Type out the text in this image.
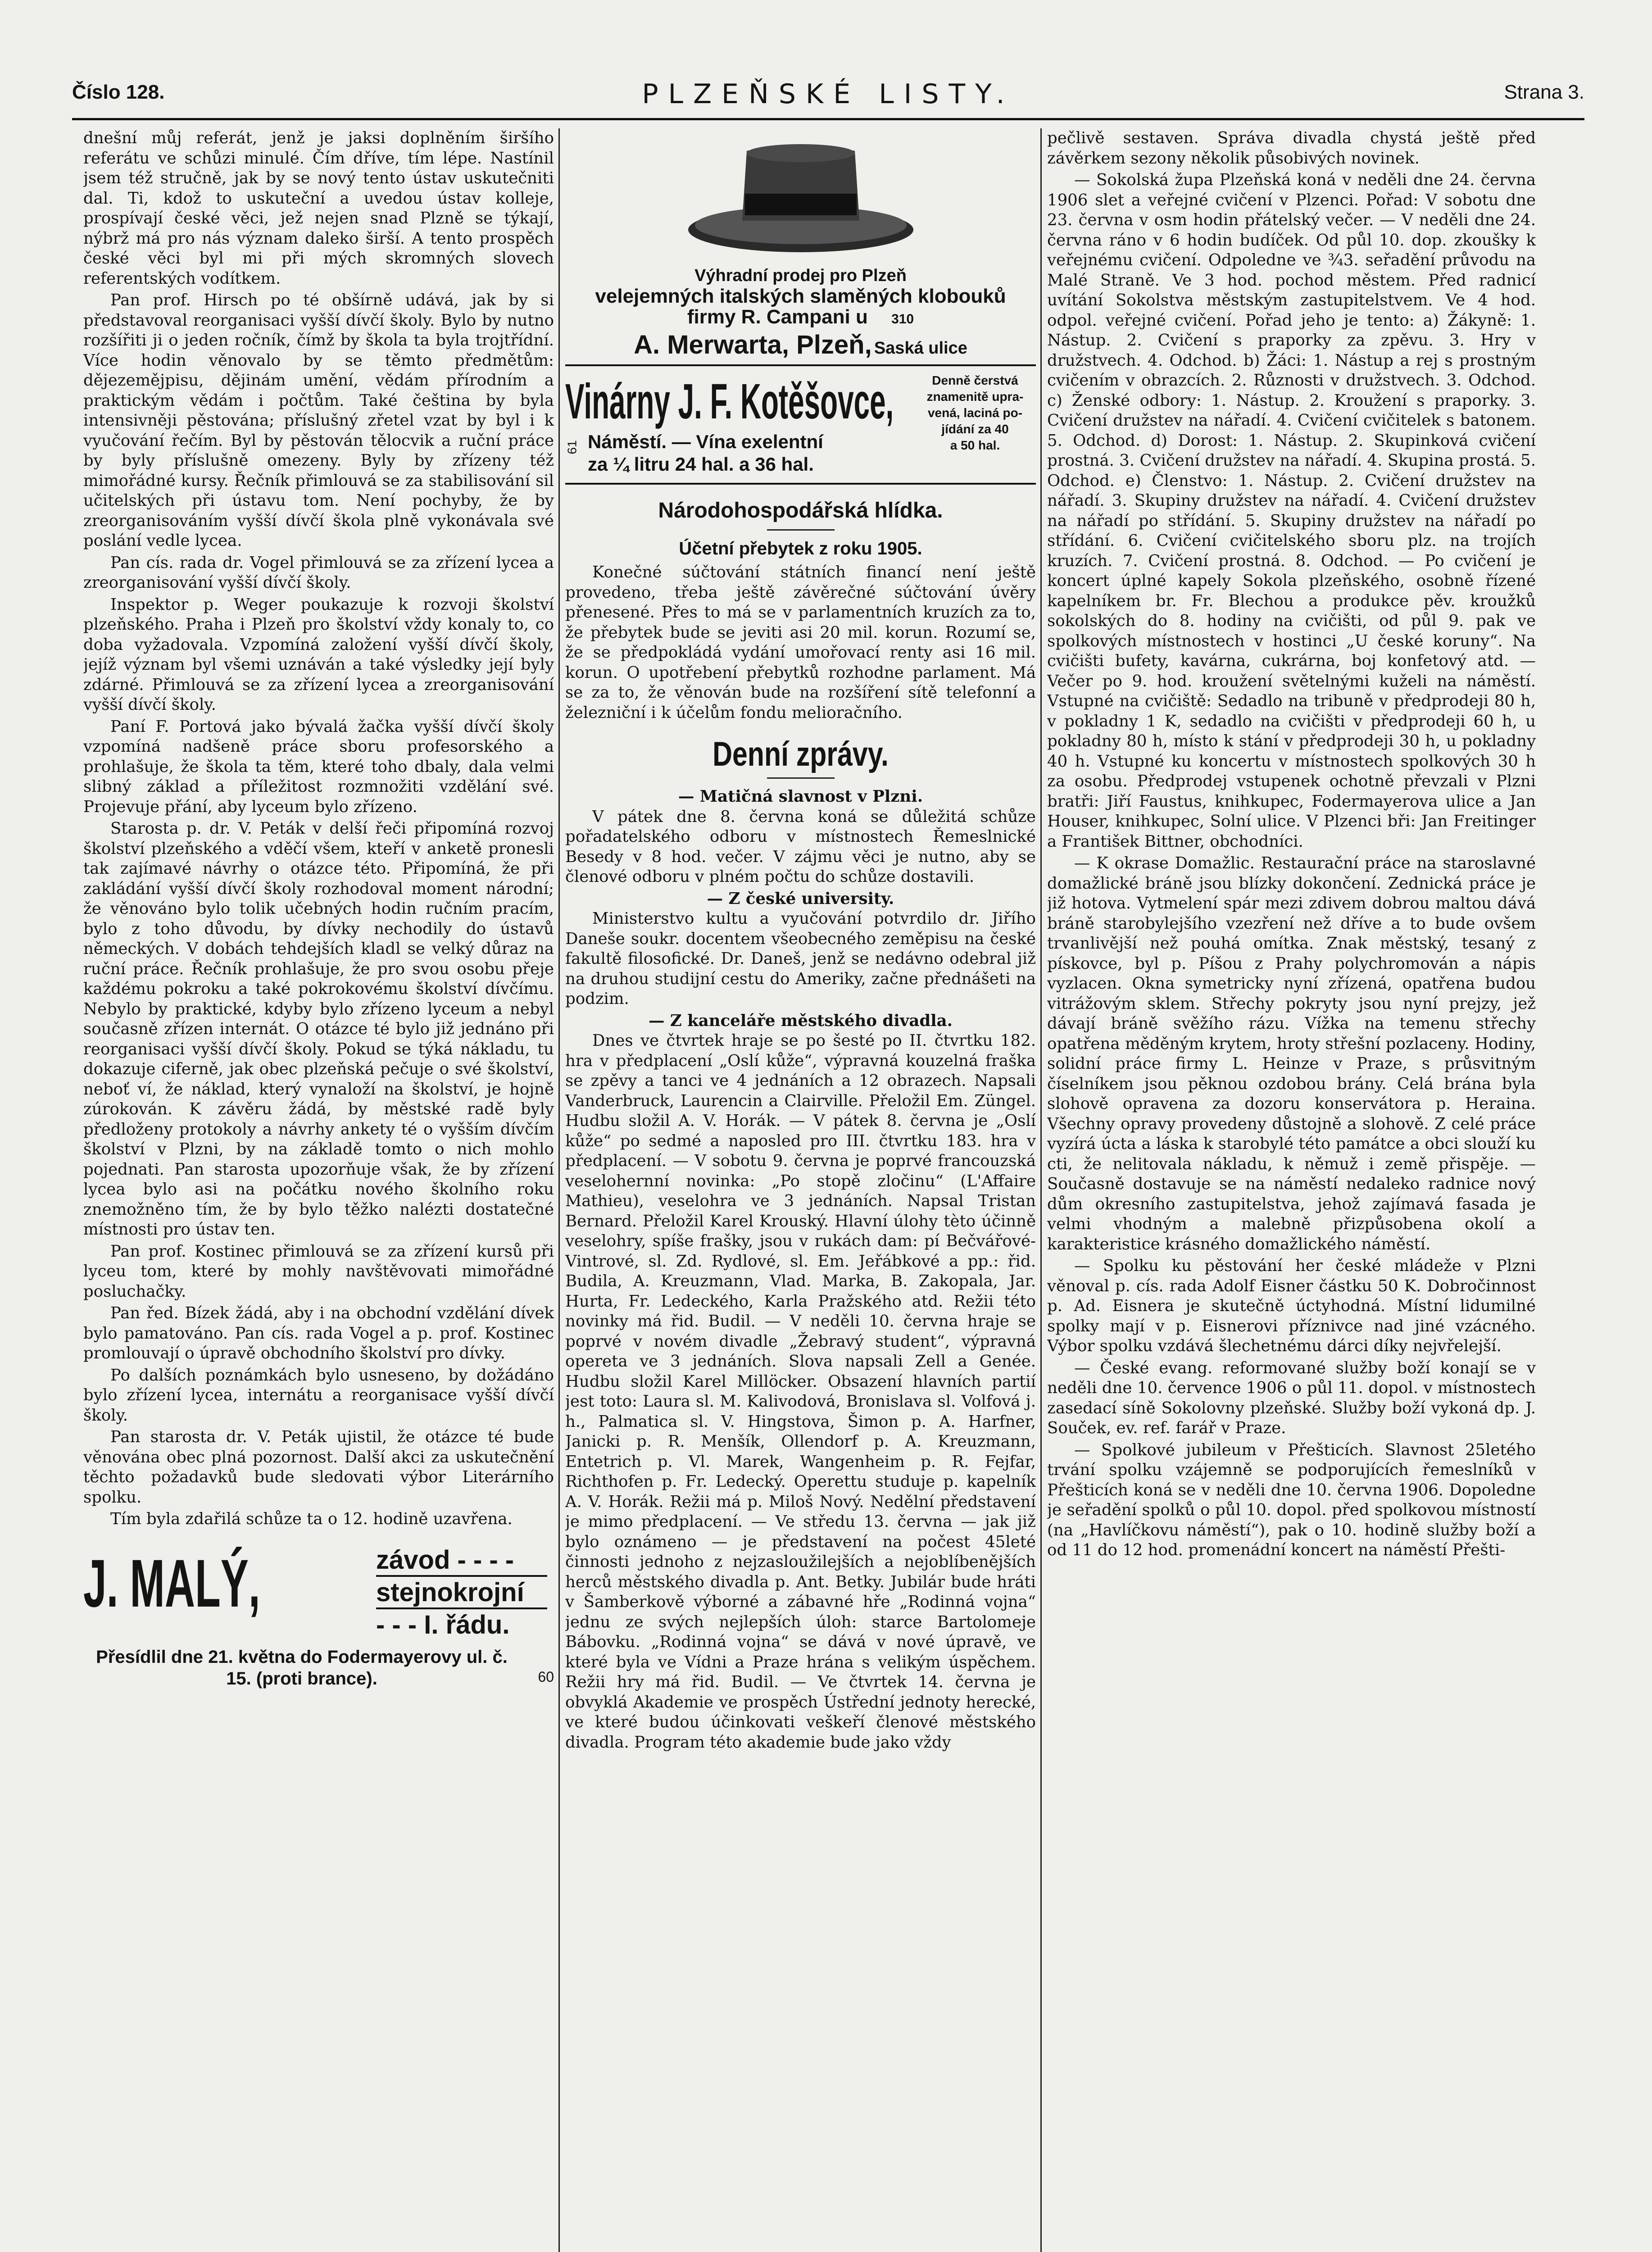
Číslo 128.	PLZEŇSKÉ LISTY.	Strana 3.

dnešní můj referát, jenž je jaksi doplněním širšího referátu ve schůzi minulé. Čím dříve, tím lépe. Nastínil jsem též stručně, jak by se nový tento ústav uskutečniti dal. Ti, kdož to uskuteční a uvedou ústav kolleje, prospívají české věci, jež nejen snad Plzně se týkají, nýbrž má pro nás význam daleko širší. A tento prospěch české věci byl mi při mých skromných slovech referentských vodítkem.

Pan prof. Hirsch po té obšírně udává, jak by si představoval reorganisaci vyšší dívčí školy. Bylo by nutno rozšířiti ji o jeden ročník, čímž by škola ta byla trojtřídní. Více hodin věnovalo by se těmto předmětům: dějezemějpisu, dějinám umění, vědám přírodním a praktickým vědám i počtům. Také čeština by byla intensivněji pěstována; příslušný zřetel vzat by byl i k vyučování řečím. Byl by pěstován tělocvik a ruční práce by byly příslušně omezeny. Byly by zřízeny též mimořádné kursy. Řečník přimlouvá se za stabilisování sil učitelských při ústavu tom. Není pochyby, že by zreorganisováním vyšší dívčí škola plně vykonávala své poslání vedle lycea.

Pan cís. rada dr. Vogel přimlouvá se za zřízení lycea a zreorganisování vyšší dívčí školy.

Inspektor p. Weger poukazuje k rozvoji školství plzeňského. Praha i Plzeň pro školství vždy konaly to, co doba vyžadovala. Vzpomíná založení vyšší dívčí školy, jejíž význam byl všemi uznáván a také výsledky její byly zdárné. Přimlouvá se za zřízení lycea a zreorganisování vyšší dívčí školy.

Paní F. Portová jako bývalá žačka vyšší dívčí školy vzpomíná nadšeně práce sboru profesorského a prohlašuje, že škola ta těm, které toho dbaly, dala velmi slibný základ a příležitost rozmnožiti vzdělání své. Projevuje přání, aby lyceum bylo zřízeno.

Starosta p. dr. V. Peták v delší řeči připomíná rozvoj školství plzeňského a vděčí všem, kteří v anketě pronesli tak zajímavé návrhy o otázce této. Připomíná, že při zakládání vyšší dívčí školy rozhodoval moment národní; že věnováno bylo tolik učebných hodin ručním pracím, bylo z toho důvodu, by dívky nechodily do ústavů německých. V dobách tehdejších kladl se velký důraz na ruční práce. Řečník prohlašuje, že pro svou osobu přeje každému pokroku a také pokrokovému školství dívčímu. Nebylo by praktické, kdyby bylo zřízeno lyceum a nebyl současně zřízen internát. O otázce té bylo již jednáno při reorganisaci vyšší dívčí školy. Pokud se týká nákladu, tu dokazuje ciferně, jak obec plzeňská pečuje o své školství, neboť ví, že náklad, který vynaloží na školství, je hojně zúrokován. K závěru žádá, by městské radě byly předloženy protokoly a návrhy ankety té o vyšším dívčím školství v Plzni, by na základě tomto o nich mohlo pojednati. Pan starosta upozorňuje však, že by zřízení lycea bylo asi na počátku nového školního roku znemožněno tím, že by bylo těžko nalézti dostatečné místnosti pro ústav ten.

Pan prof. Kostinec přimlouvá se za zřízení kursů při lyceu tom, které by mohly navštěvovati mimořádné posluchačky.

Pan řed. Bízek žádá, aby i na obchodní vzdělání dívek bylo pamatováno. Pan cís. rada Vogel a p. prof. Kostinec promlouvají o úpravě obchodního školství pro dívky.

Po dalších poznámkách bylo usneseno, by dožádáno bylo zřízení lycea, internátu a reorganisace vyšší dívčí školy.

Pan starosta dr. V. Peták ujistil, že otázce té bude věnována obec plná pozornost. Další akci za uskutečnění těchto požadavků bude sledovati výbor Literárního spolku.

Tím byla zdařilá schůze ta o 12. hodině uzavřena.

J. MALÝ,	závod - - - -
stejnokrojní
- - - I. řádu.
Přesídlil dne 21. května do Fodermayerovy ul. č. 15. (proti brance).	60
Výhradní prodej pro Plzeň
velejemných italských slaměných klobouků
firmy R. Campani u 310
A. Merwarta, Plzeň, Saská ulice
Vinárny J. F. Kotěšovce,	Denně čerstvá
znamenitě upra-
vená, laciná po-
jídání za 40
a 50 hal.
61 Náměstí. — Vína exelentní
za ¼ litru 24 hal. a 36 hal.
Národohospodářská hlídka.
Účetní přebytek z roku 1905.

Konečné súčtování státních financí není ještě provedeno, třeba ještě závěrečné súčtování úvěry přenesené. Přes to má se v parlamentních kruzích za to, že přebytek bude se jeviti asi 20 mil. korun. Rozumí se, že se předpokládá vydání umořovací renty asi 16 mil. korun. O upotřebení přebytků rozhodne parlament. Má se za to, že věnován bude na rozšíření sítě telefonní a železniční i k účelům fondu melioračního.

Denní zprávy.

— Matičná slavnost v Plzni.

V pátek dne 8. června koná se důležitá schůze pořadatelského odboru v místnostech Řemeslnické Besedy v 8 hod. večer. V zájmu věci je nutno, aby se členové odboru v plném počtu do schůze dostavili.

— Z české university.

Ministerstvo kultu a vyučování potvrdilo dr. Jiřího Daneše soukr. docentem všeobecného zeměpisu na české fakultě filosofické. Dr. Daneš, jenž se nedávno odebral již na druhou studijní cestu do Ameriky, začne přednášeti na podzim.

— Z kanceláře městského divadla.

Dnes ve čtvrtek hraje se po šesté po II. čtvrtku 182. hra v předplacení „Oslí kůže“, výpravná kouzelná fraška se zpěvy a tanci ve 4 jednáních a 12 obrazech. Napsali Vanderbruck, Laurencin a Clairville. Přeložil Em. Züngel. Hudbu složil A. V. Horák. — V pátek 8. června je „Oslí kůže“ po sedmé a naposled pro III. čtvrtku 183. hra v předplacení. — V sobotu 9. června je poprvé francouzská veselohernní novinka: „Po stopě zločinu“ (L'Affaire Mathieu), veselohra ve 3 jednáních. Napsal Tristan Bernard. Přeložil Karel Krouský. Hlavní úlohy tèto účinně veselohry, spíše frašky, jsou v rukách dam: pí Bečvářové-Vintrové, sl. Zd. Rydlové, sl. Em. Jeřábkové a pp.: řid. Budila, A. Kreuzmann, Vlad. Marka, B. Zakopala, Jar. Hurta, Fr. Ledeckého, Karla Pražského atd. Režii této novinky má řid. Budil. — V neděli 10. června hraje se poprvé v novém divadle „Žebravý student“, výpravná opereta ve 3 jednáních. Slova napsali Zell a Genée. Hudbu složil Karel Millöcker. Obsazení hlavních partií jest toto: Laura sl. M. Kalivodová, Bronislava sl. Volfová j. h., Palmatica sl. V. Hingstova, Šimon p. A. Harfner, Janicki p. R. Menšík, Ollendorf p. A. Kreuzmann, Entetrich p. Vl. Marek, Wangenheim p. R. Fejfar, Richthofen p. Fr. Ledecký. Operettu studuje p. kapelník A. V. Horák. Režii má p. Miloš Nový. Nedělní představení je mimo předplacení. — Ve středu 13. června — jak již bylo oznámeno — je představení na počest 45leté činnosti jednoho z nejzasloužilejších a nejoblíbenějších herců městského divadla p. Ant. Betky. Jubilár bude hráti v Šamberkově výborné a zábavné hře „Rodinná vojna“ jednu ze svých nejlepších úloh: starce Bartolomeje Bábovku. „Rodinná vojna“ se dává v nové úpravě, ve které byla ve Vídni a Praze hrána s velikým úspěchem. Režii hry má řid. Budil. — Ve čtvrtek 14. června je obvyklá Akademie ve prospěch Ústřední jednoty herecké, ve které budou účinkovati veškeří členové městského divadla. Program této akademie bude jako vždy

pečlivě sestaven. Správa divadla chystá ještě před závěrkem sezony několik působivých novinek.

— Sokolská župa Plzeňská koná v neděli dne 24. června 1906 slet a veřejné cvičení v Plzenci. Pořad: V sobotu dne 23. června v osm hodin přátelský večer. — V neděli dne 24. června ráno v 6 hodin budíček. Od půl 10. dop. zkoušky k veřejnému cvičení. Odpoledne ve ¾3. seřadění průvodu na Malé Straně. Ve 3 hod. pochod městem. Před radnicí uvítání Sokolstva městským zastupitelstvem. Ve 4 hod. odpol. veřejné cvičení. Pořad jeho je tento: a) Žákyně: 1. Nástup. 2. Cvičení s praporky za zpěvu. 3. Hry v družstvech. 4. Odchod. b) Žáci: 1. Nástup a rej s prostným cvičením v obrazcích. 2. Různosti v družstvech. 3. Odchod. c) Ženské odbory: 1. Nástup. 2. Kroužení s praporky. 3. Cvičení družstev na nářadí. 4. Cvičení cvičitelek s batonem. 5. Odchod. d) Dorost: 1. Nástup. 2. Skupinková cvičení prostná. 3. Cvičení družstev na nářadí. 4. Skupina prostá. 5. Odchod. e) Členstvo: 1. Nástup. 2. Cvičení družstev na nářadí. 3. Skupiny družstev na nářadí. 4. Cvičení družstev na nářadí po střídání. 5. Skupiny družstev na nářadí po střídání. 6. Cvičení cvičitelského sboru plz. na trojích kruzích. 7. Cvičení prostná. 8. Odchod. — Po cvičení je koncert úplné kapely Sokola plzeňského, osobně řízené kapelníkem br. Fr. Blechou a produkce pěv. kroužků sokolských do 8. hodiny na cvičišti, od půl 9. pak ve spolkových místnostech v hostinci „U české koruny“. Na cvičišti bufety, kavárna, cukrárna, boj konfetový atd. — Večer po 9. hod. kroužení světelnými kuželi na náměstí. Vstupné na cvičiště: Sedadlo na tribuně v předprodeji 80 h, v pokladny 1 K, sedadlo na cvičišti v předprodeji 60 h, u pokladny 80 h, místo k stání v předprodeji 30 h, u pokladny 40 h. Vstupné ku koncertu v místnostech spolkových 30 h za osobu. Předprodej vstupenek ochotně převzali v Plzni bratři: Jiří Faustus, knihkupec, Fodermayerova ulice a Jan Houser, knihkupec, Solní ulice. V Plzenci bři: Jan Freitinger a František Bittner, obchodníci.

— K okrase Domažlic. Restaurační práce na staroslavné domažlické bráně jsou blízky dokončení. Zednická práce je již hotova. Vytmelení spár mezi zdivem dobrou maltou dává bráně starobylejšího vzezření než dříve a to bude ovšem trvanlivější než pouhá omítka. Znak městský, tesaný z pískovce, byl p. Píšou z Prahy polychromován a nápis vyzlacen. Okna symetricky nyní zřízená, opatřena budou vitrážovým sklem. Střechy pokryty jsou nyní prejzy, jež dávají bráně svěžího rázu. Vížka na temenu střechy opatřena měděným krytem, hroty střešní pozlaceny. Hodiny, solidní práce firmy L. Heinze v Praze, s průsvitným číselníkem jsou pěknou ozdobou brány. Celá brána byla slohově opravena za dozoru konservátora p. Heraina. Všechny opravy provedeny důstojně a slohově. Z celé práce vyzírá úcta a láska k starobylé této památce a obci slouží ku cti, že nelitovala nákladu, k němuž i země přispěje. — Současně dostavuje se na náměstí nedaleko radnice nový dům okresního zastupitelstva, jehož zajímavá fasada je velmi vhodným a malebně přizpůsobena okolí a karakteristice krásného domažlického náměstí.

— Spolku ku pěstování her české mládeže v Plzni věnoval p. cís. rada Adolf Eisner částku 50 K. Dobročinnost p. Ad. Eisnera je skutečně úctyhodná. Místní lidumilné spolky mají v p. Eisnerovi příznivce nad jiné vzácného. Výbor spolku vzdává šlechetnému dárci díky nejvřelejší.

— České evang. reformované služby boží konají se v neděli dne 10. července 1906 o půl 11. dopol. v místnostech zasedací síně Sokolovny plzeňské. Služby boží vykoná dp. J. Souček, ev. ref. farář v Praze.

— Spolkové jubileum v Přešticích. Slavnost 25letého trvání spolku vzájemně se podporujících řemeslníků v Přešticích koná se v neděli dne 10. června 1906. Dopoledne je seřadění spolků o půl 10. dopol. před spolkovou místností (na „Havlíčkovu náměstí“), pak o 10. hodině služby boží a od 11 do 12 hod. promenádní koncert na náměstí Přešti-
